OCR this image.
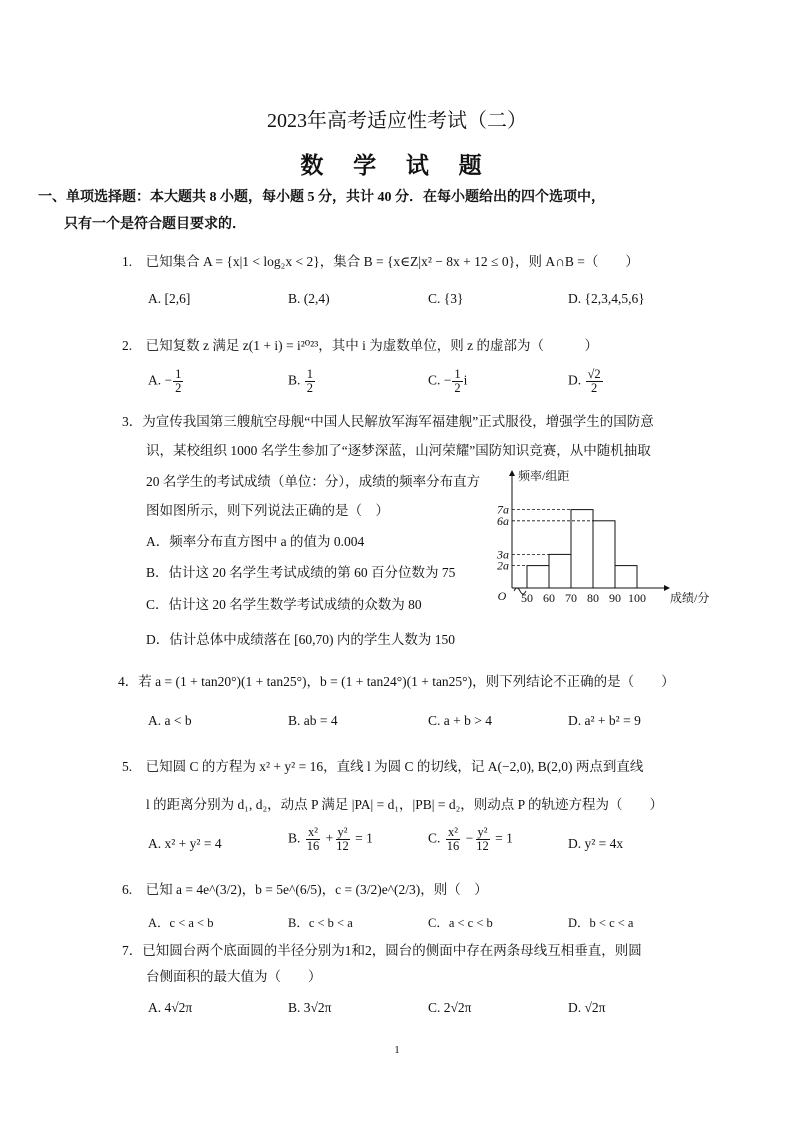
2023年高考适应性考试（二）
数 学 试 题
一、单项选择题：本大题共 8 小题，每小题 5 分，共计 40 分．在每小题给出的四个选项中，
只有一个是符合题目要求的．
1.　已知集合 A = {x|1 < log₂x < 2}，集合 B = {x∈Z|x² − 8x + 12 ≤ 0}，则 A∩B =（　　）
A. [2,6]	B. (2,4)	C. {3}	D. {2,3,4,5,6}
2.　已知复数 z 满足 z(1 + i) = i²⁰²³，其中 i 为虚数单位，则 z 的虚部为（　　　）
A. − $\frac{1}{2}$	B. $\frac{1}{2}$	C. − $\frac{1}{2}$ i	D. $\frac{√2}{2}$
3．为宣传我国第三艘航空母舰“中国人民解放军海军福建舰”正式服役，增强学生的国防意
识，某校组织 1000 名学生参加了“逐梦深蓝，山河荣耀”国防知识竞赛，从中随机抽取
20 名学生的考试成绩（单位：分），成绩的频率分布直方
图如图所示，则下列说法正确的是（　）
A．频率分布直方图中 a 的值为 0.004
B．估计这 20 名学生考试成绩的第 60 百分位数为 75
C．估计这 20 名学生数学考试成绩的众数为 80
D．估计总体中成绩落在 [60,70) 内的学生人数为 150
2a
3a
6a
7a
50 60 70 80 90 100 成绩/分
频率/组距
O
4．若 a = (1 + tan20°)(1 + tan25°)，b = (1 + tan24°)(1 + tan25°)，则下列结论不正确的是（　　）
A. a < b	B. ab = 4	C. a + b > 4	D. a² + b² = 9
5.　已知圆 C 的方程为 x² + y² = 16，直线 l 为圆 C 的切线，记 A(−2,0), B(2,0) 两点到直线
l 的距离分别为 d₁, d₂，动点 P 满足 |PA| = d₁，|PB| = d₂，则动点 P 的轨迹方程为（　　）
A. x² + y² = 4	B. $\frac{\text{x²}}{16} + \frac{\text{y²}}{12} = 1$	C. $\frac{\text{x²}}{16} - \frac{\text{y²}}{12} = 1$	D. y² = 4x
6.　已知 a = 4e^(3/2)，b = 5e^(6/5)，c = (3/2)e^(2/3)，则（　）
A．c < a < b	B．c < b < a	C．a < c < b	D．b < c < a
7．已知圆台两个底面圆的半径分别为1和2，圆台的侧面中存在两条母线互相垂直，则圆
台侧面积的最大值为（　　）
A. 4√2π	B. 3√2π	C. 2√2π	D. √2π
1
